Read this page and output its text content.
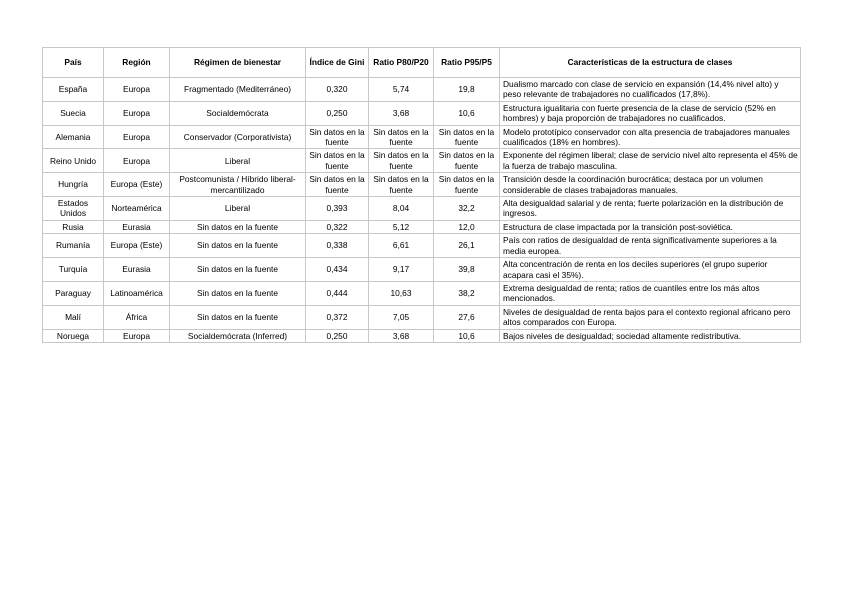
País	Región	Régimen de bienestar	Índice de Gini	Ratio P80/P20	Ratio P95/P5	Características de la estructura de clases
España	Europa	Fragmentado (Mediterráneo)	0,320	5,74	19,8	Dualismo marcado con clase de servicio en expansión (14,4% nivel alto) y peso relevante de trabajadores no cualificados (17,8%).
Suecia	Europa	Socialdemócrata	0,250	3,68	10,6	Estructura igualitaria con fuerte presencia de la clase de servicio (52% en hombres) y baja proporción de trabajadores no cualificados.
Alemania	Europa	Conservador (Corporativista)	Sin datos en la fuente	Sin datos en la fuente	Sin datos en la fuente	Modelo prototípico conservador con alta presencia de trabajadores manuales cualificados (18% en hombres).
Reino Unido	Europa	Liberal	Sin datos en la fuente	Sin datos en la fuente	Sin datos en la fuente	Exponente del régimen liberal; clase de servicio nivel alto representa el 45% de la fuerza de trabajo masculina.
Hungría	Europa (Este)	Postcomunista / Híbrido liberal-mercantilizado	Sin datos en la fuente	Sin datos en la fuente	Sin datos en la fuente	Transición desde la coordinación burocrática; destaca por un volumen considerable de clases trabajadoras manuales.
Estados Unidos	Norteamérica	Liberal	0,393	8,04	32,2	Alta desigualdad salarial y de renta; fuerte polarización en la distribución de ingresos.
Rusia	Eurasia	Sin datos en la fuente	0,322	5,12	12,0	Estructura de clase impactada por la transición post-soviética.
Rumanía	Europa (Este)	Sin datos en la fuente	0,338	6,61	26,1	País con ratios de desigualdad de renta significativamente superiores a la media europea.
Turquía	Eurasia	Sin datos en la fuente	0,434	9,17	39,8	Alta concentración de renta en los deciles superiores (el grupo superior acapara casi el 35%).
Paraguay	Latinoamérica	Sin datos en la fuente	0,444	10,63	38,2	Extrema desigualdad de renta; ratios de cuantiles entre los más altos mencionados.
Malí	África	Sin datos en la fuente	0,372	7,05	27,6	Niveles de desigualdad de renta bajos para el contexto regional africano pero altos comparados con Europa.
Noruega	Europa	Socialdemócrata (Inferred)	0,250	3,68	10,6	Bajos niveles de desigualdad; sociedad altamente redistributiva.
